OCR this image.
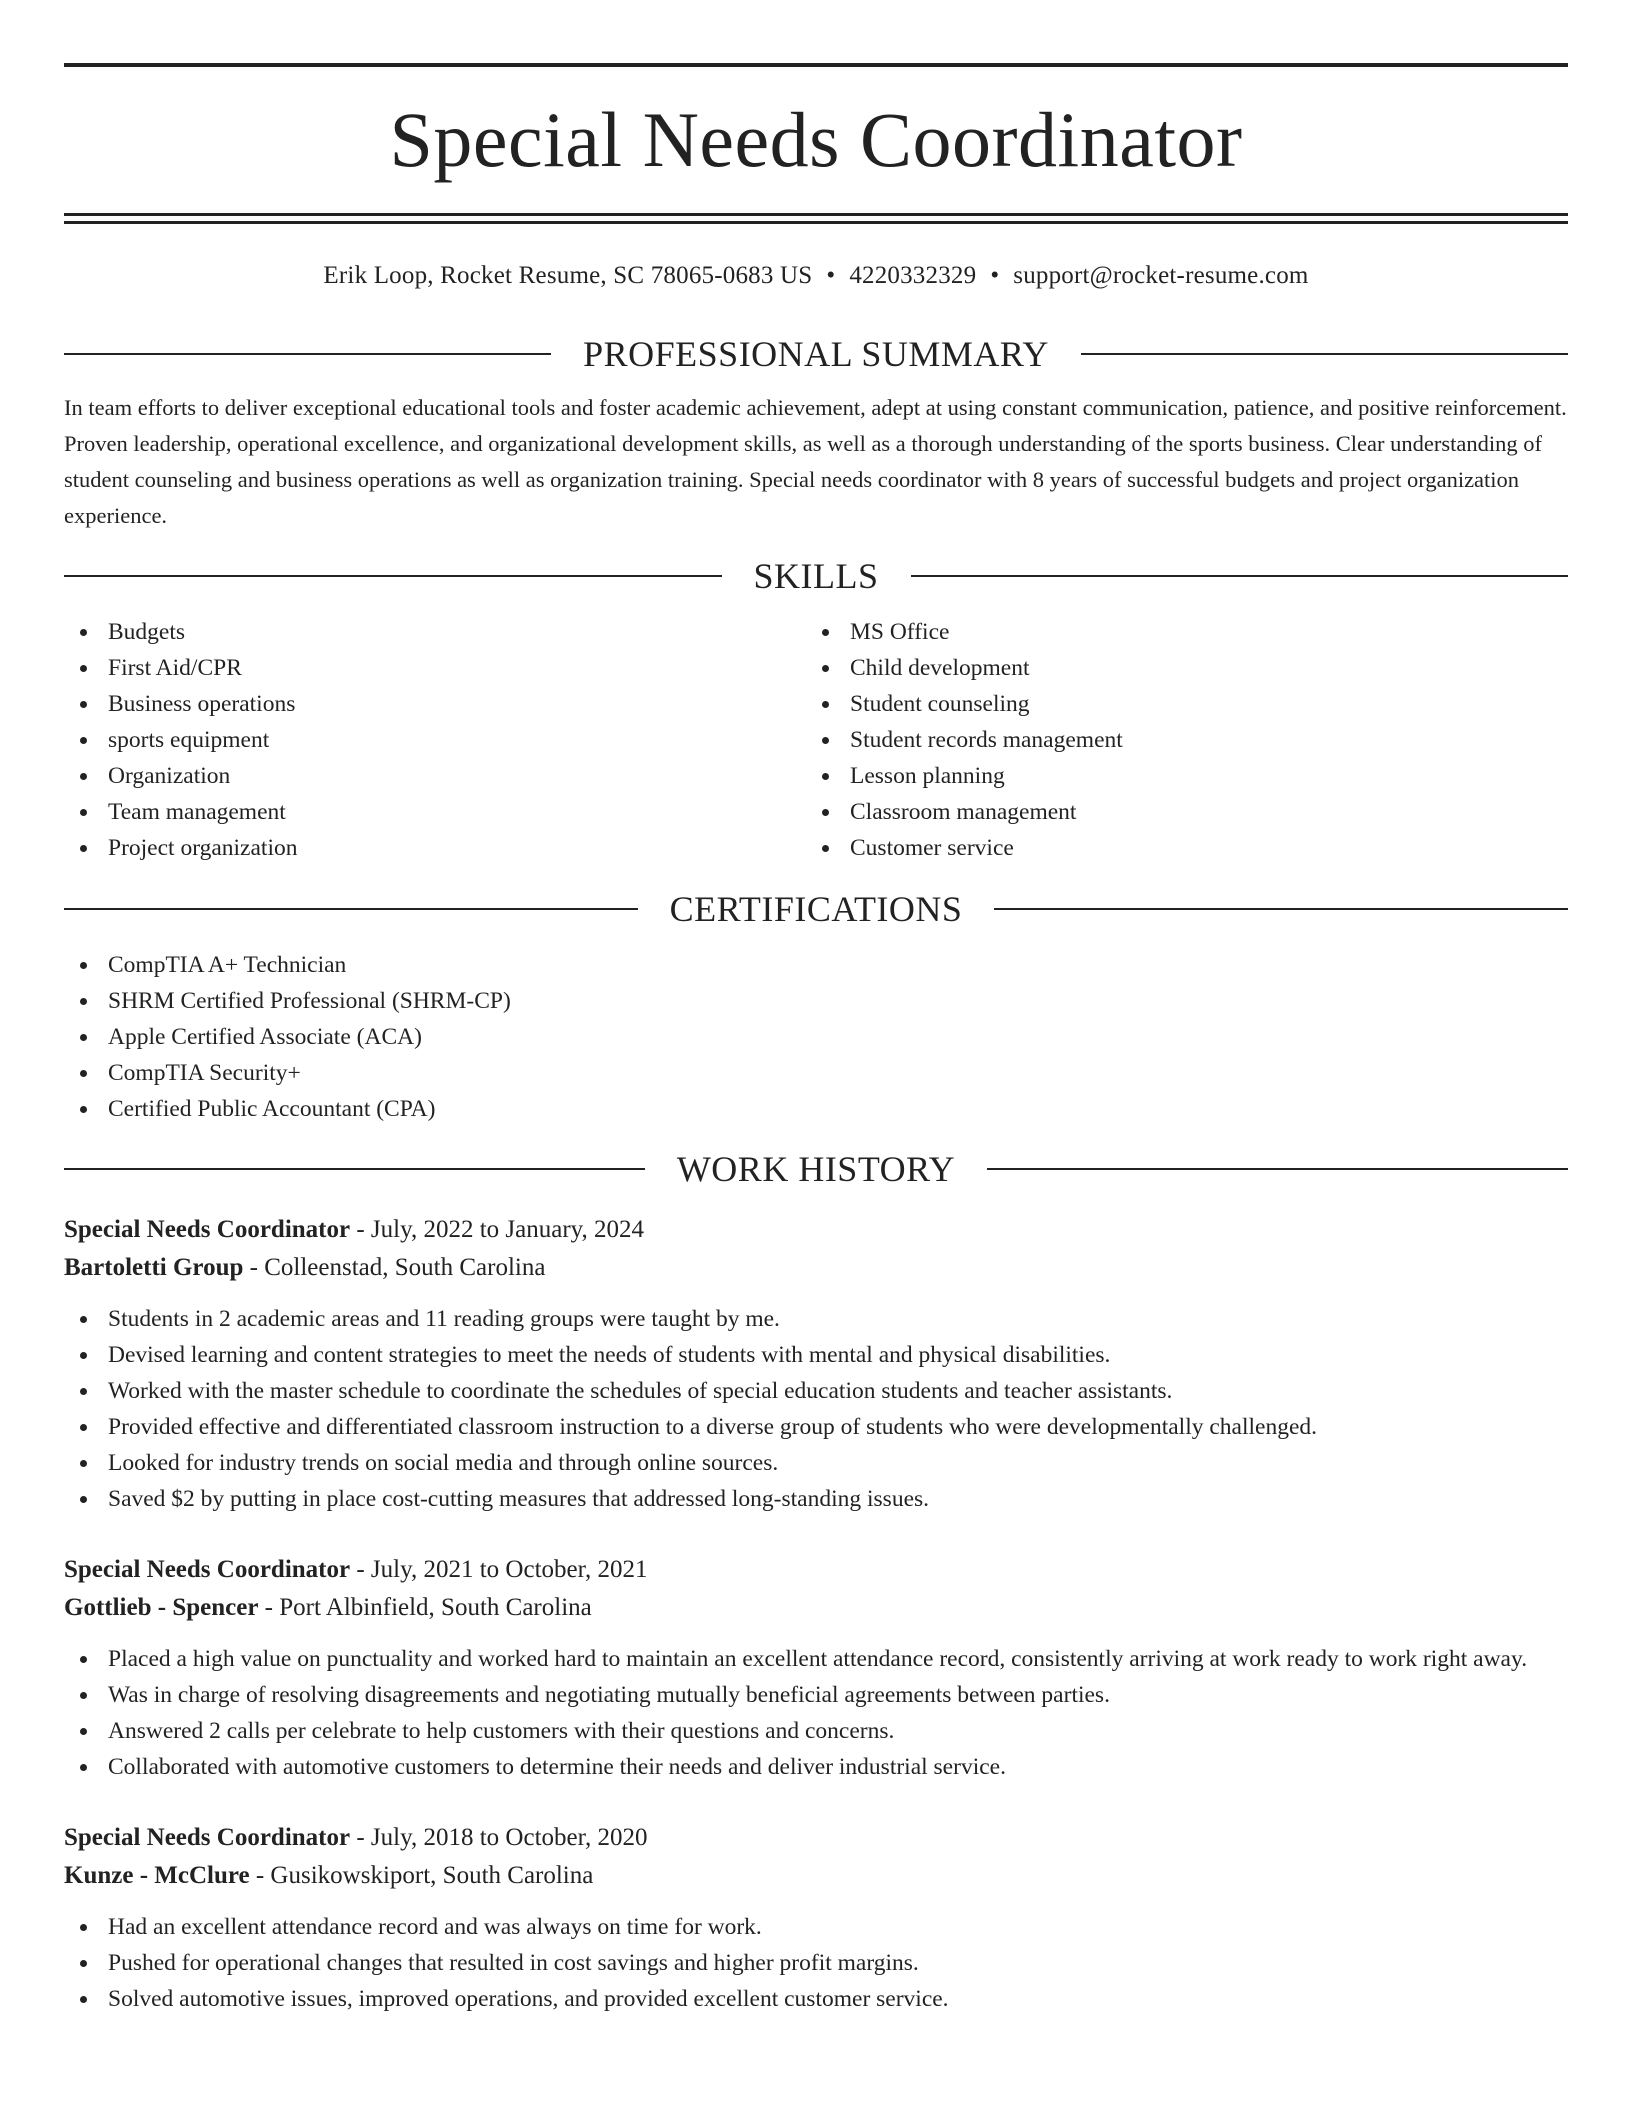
Special Needs Coordinator
Erik Loop, Rocket Resume, SC 78065-0683 US • 4220332329 • support@rocket-resume.com
PROFESSIONAL SUMMARY

In team efforts to deliver exceptional educational tools and foster academic achievement, adept at using constant communication, patience, and positive reinforcement. Proven leadership, operational excellence, and organizational development skills, as well as a thorough understanding of the sports business. Clear understanding of student counseling and business operations as well as organization training. Special needs coordinator with 8 years of successful budgets and project organization experience.

SKILLS
Budgets
First Aid/CPR
Business operations
sports equipment
Organization
Team management
Project organization
MS Office
Child development
Student counseling
Student records management
Lesson planning
Classroom management
Customer service
CERTIFICATIONS
CompTIA A+ Technician
SHRM Certified Professional (SHRM-CP)
Apple Certified Associate (ACA)
CompTIA Security+
Certified Public Accountant (CPA)
WORK HISTORY
Special Needs Coordinator - July, 2022 to January, 2024
Bartoletti Group - Colleenstad, South Carolina
Students in 2 academic areas and 11 reading groups were taught by me.
Devised learning and content strategies to meet the needs of students with mental and physical disabilities.
Worked with the master schedule to coordinate the schedules of special education students and teacher assistants.
Provided effective and differentiated classroom instruction to a diverse group of students who were developmentally challenged.
Looked for industry trends on social media and through online sources.
Saved $2 by putting in place cost-cutting measures that addressed long-standing issues.
Special Needs Coordinator - July, 2021 to October, 2021
Gottlieb - Spencer - Port Albinfield, South Carolina
Placed a high value on punctuality and worked hard to maintain an excellent attendance record, consistently arriving at work ready to work right away.
Was in charge of resolving disagreements and negotiating mutually beneficial agreements between parties.
Answered 2 calls per celebrate to help customers with their questions and concerns.
Collaborated with automotive customers to determine their needs and deliver industrial service.
Special Needs Coordinator - July, 2018 to October, 2020
Kunze - McClure - Gusikowskiport, South Carolina
Had an excellent attendance record and was always on time for work.
Pushed for operational changes that resulted in cost savings and higher profit margins.
Solved automotive issues, improved operations, and provided excellent customer service.
